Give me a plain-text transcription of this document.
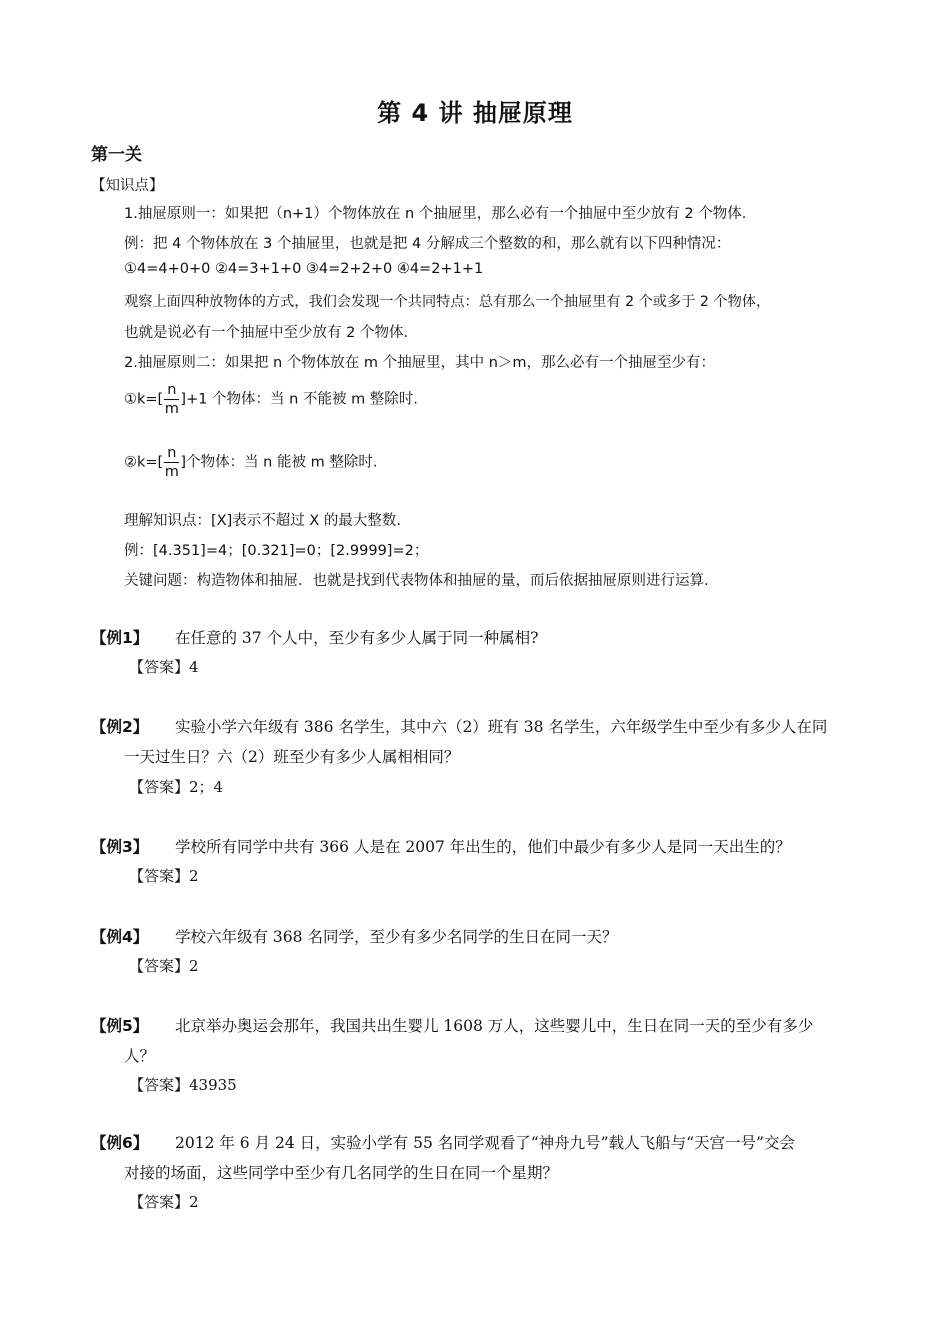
第 4 讲 抽屉原理
第一关
【知识点】
1.抽屉原则一：如果把（n+1）个物体放在 n 个抽屉里，那么必有一个抽屉中至少放有 2 个物体.
例：把 4 个物体放在 3 个抽屉里，也就是把 4 分解成三个整数的和，那么就有以下四种情况：
①4=4+0+0 ②4=3+1+0 ③4=2+2+0 ④4=2+1+1
观察上面四种放物体的方式，我们会发现一个共同特点：总有那么一个抽屉里有 2 个或多于 2 个物体，
也就是说必有一个抽屉中至少放有 2 个物体.
2.抽屉原则二：如果把 n 个物体放在 m 个抽屉里，其中 n＞m，那么必有一个抽屉至少有：
①k=[ $\frac{n}{m} ]+1$ 个物体：当 n 不能被 m 整除时.
②k=[ $\frac{n}{m}$ ]个物体：当 n 能被 m 整除时.
理解知识点：[X]表示不超过 X 的最大整数.
例：[4.351]=4；[0.321]=0；[2.9999]=2；
关键问题：构造物体和抽屉．也就是找到代表物体和抽屉的量，而后依据抽屉原则进行运算.
【例1】 在任意的 37 个人中，至少有多少人属于同一种属相?
【答案】4
【例2】 实验小学六年级有 386 名学生，其中六（2）班有 38 名学生，六年级学生中至少有多少人在同
一天过生日？六（2）班至少有多少人属相相同？
【答案】2；4
【例3】 学校所有同学中共有 366 人是在 2007 年出生的，他们中最少有多少人是同一天出生的？
【答案】2
【例4】 学校六年级有 368 名同学，至少有多少名同学的生日在同一天？
【答案】2
【例5】 北京举办奥运会那年，我国共出生婴儿 1608 万人，这些婴儿中，生日在同一天的至少有多少
人？
【答案】43935
【例6】 2012 年 6 月 24 日，实验小学有 55 名同学观看了“神舟九号”载人飞船与“天宫一号”交会
对接的场面，这些同学中至少有几名同学的生日在同一个星期？
【答案】2
